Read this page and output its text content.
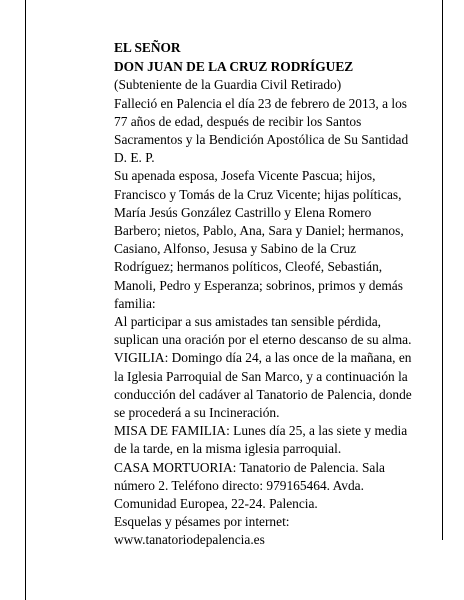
EL SEÑOR
DON JUAN DE LA CRUZ RODRÍGUEZ
(Subteniente de la Guardia Civil Retirado)
Falleció en Palencia el día 23 de febrero de 2013, a los
77 años de edad, después de recibir los Santos
Sacramentos y la Bendición Apostólica de Su Santidad
D. E. P.
Su apenada esposa, Josefa Vicente Pascua; hijos,
Francisco y Tomás de la Cruz Vicente; hijas políticas,
María Jesús González Castrillo y Elena Romero
Barbero; nietos, Pablo, Ana, Sara y Daniel; hermanos,
Casiano, Alfonso, Jesusa y Sabino de la Cruz
Rodríguez; hermanos políticos, Cleofé, Sebastián,
Manoli, Pedro y Esperanza; sobrinos, primos y demás
familia:
Al participar a sus amistades tan sensible pérdida,
suplican una oración por el eterno descanso de su alma.
VIGILIA: Domingo día 24, a las once de la mañana, en
la Iglesia Parroquial de San Marco, y a continuación la
conducción del cadáver al Tanatorio de Palencia, donde
se procederá a su Incineración.
MISA DE FAMILIA: Lunes día 25, a las siete y media
de la tarde, en la misma iglesia parroquial.
CASA MORTUORIA: Tanatorio de Palencia. Sala
número 2. Teléfono directo: 979165464. Avda.
Comunidad Europea, 22-24. Palencia.
Esquelas y pésames por internet:
www.tanatoriodepalencia.es
